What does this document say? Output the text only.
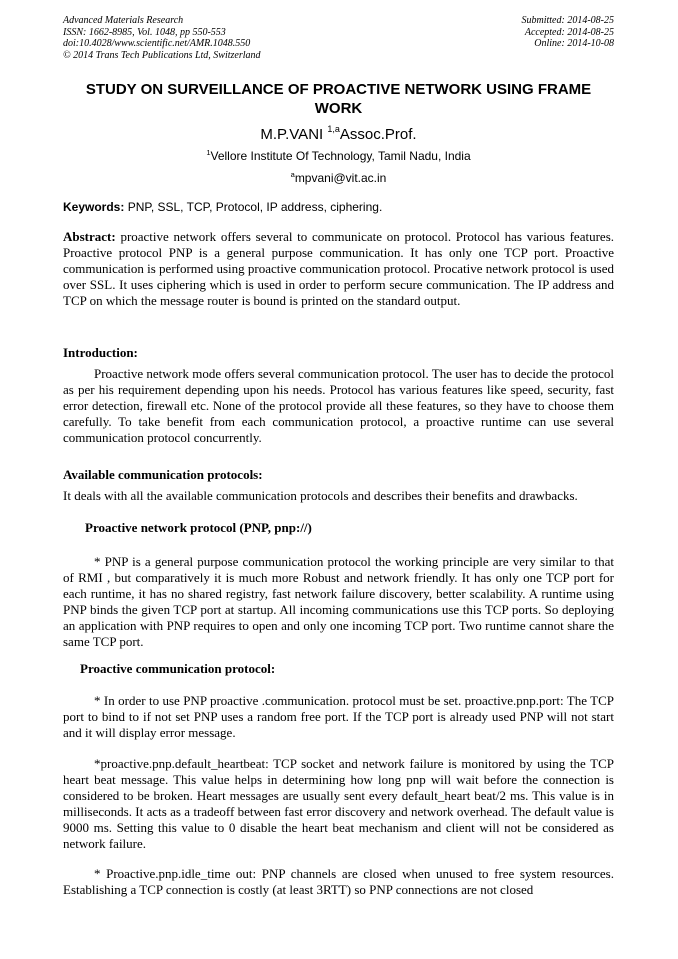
Advanced Materials Research
ISSN: 1662-8985, Vol. 1048, pp 550-553
doi:10.4028/www.scientific.net/AMR.1048.550
© 2014 Trans Tech Publications Ltd, Switzerland
Submitted: 2014-08-25
Accepted: 2014-08-25
Online: 2014-10-08
STUDY ON SURVEILLANCE OF PROACTIVE NETWORK USING FRAME
WORK
M.P.VANI $^{1,a}$Assoc.Prof.
$^1$Vellore Institute Of Technology, Tamil Nadu, India
$^a$mpvani@vit.ac.in
Keywords: PNP, SSL, TCP, Protocol, IP address, ciphering.

Abstract: proactive network offers several to communicate on protocol. Protocol has various features. Proactive protocol PNP is a general purpose communication. It has only one TCP port. Proactive communication is performed using proactive communication protocol. Procative network protocol is used over SSL. It uses ciphering which is used in order to perform secure communication. The IP address and TCP on which the message router is bound is printed on the standard output.

Introduction:

Proactive network mode offers several communication protocol. The user has to decide the protocol as per his requirement depending upon his needs. Protocol has various features like speed, security, fast error detection, firewall etc. None of the protocol provide all these features, so they have to choose them carefully. To take benefit from each communication protocol, a proactive runtime can use several communication protocol concurrently.

Available communication protocols:

It deals with all the available communication protocols and describes their benefits and drawbacks.

Proactive network protocol (PNP, pnp://)

* PNP is a general purpose communication protocol the working principle are very similar to that of RMI , but comparatively it is much more Robust and network friendly. It has only one TCP port for each runtime, it has no shared registry, fast network failure discovery, better scalability. A runtime using PNP binds the given TCP port at startup. All incoming communications use this TCP ports. So deploying an application with PNP requires to open and only one incoming TCP port. Two runtime cannot share the same TCP port.

Proactive communication protocol:

* In order to use PNP proactive .communication. protocol must be set. proactive.pnp.port: The TCP port to bind to if not set PNP uses a random free port. If the TCP port is already used PNP will not start and it will display error message.

*proactive.pnp.default_heartbeat: TCP socket and network failure is monitored by using the TCP heart beat message. This value helps in determining how long pnp will wait before the connection is considered to be broken. Heart messages are usually sent every default_heart beat/2 ms. This value is in milliseconds. It acts as a tradeoff between fast error discovery and network overhead. The default value is 9000 ms. Setting this value to 0 disable the heart beat mechanism and client will not be considered as network failure.

* Proactive.pnp.idle_time out: PNP channels are closed when unused to free system resources. Establishing a TCP connection is costly (at least 3RTT) so PNP connections are not closed
